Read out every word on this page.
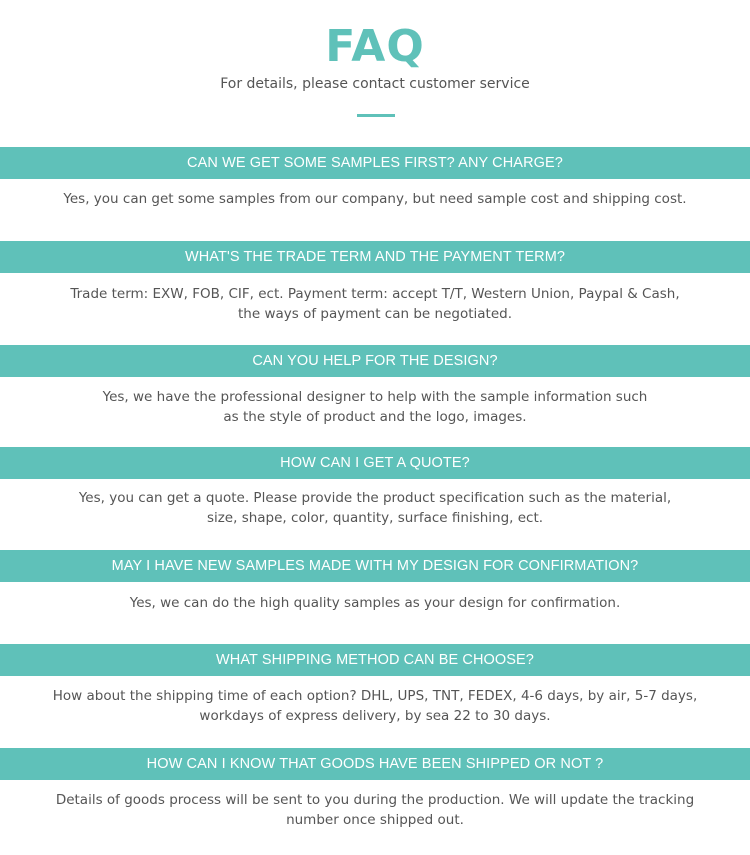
FAQ
For details, please contact customer service
CAN WE GET SOME SAMPLES FIRST? ANY CHARGE?
Yes, you can get some samples from our company, but need sample cost and shipping cost.
WHAT'S THE TRADE TERM AND THE PAYMENT TERM?
Trade term: EXW, FOB, CIF, ect. Payment term: accept T/T, Western Union, Paypal & Cash,
the ways of payment can be negotiated.
CAN YOU HELP FOR THE DESIGN?
Yes, we have the professional designer to help with the sample information such
as the style of product and the logo, images.
HOW CAN I GET A QUOTE?
Yes, you can get a quote. Please provide the product specification such as the material,
size, shape, color, quantity, surface finishing, ect.
MAY I HAVE NEW SAMPLES MADE WITH MY DESIGN FOR CONFIRMATION?
Yes, we can do the high quality samples as your design for confirmation.
WHAT SHIPPING METHOD CAN BE CHOOSE?
How about the shipping time of each option? DHL, UPS, TNT, FEDEX, 4-6 days, by air, 5-7 days,
workdays of express delivery, by sea 22 to 30 days.
HOW CAN I KNOW THAT GOODS HAVE BEEN SHIPPED OR NOT ?
Details of goods process will be sent to you during the production. We will update the tracking
number once shipped out.
